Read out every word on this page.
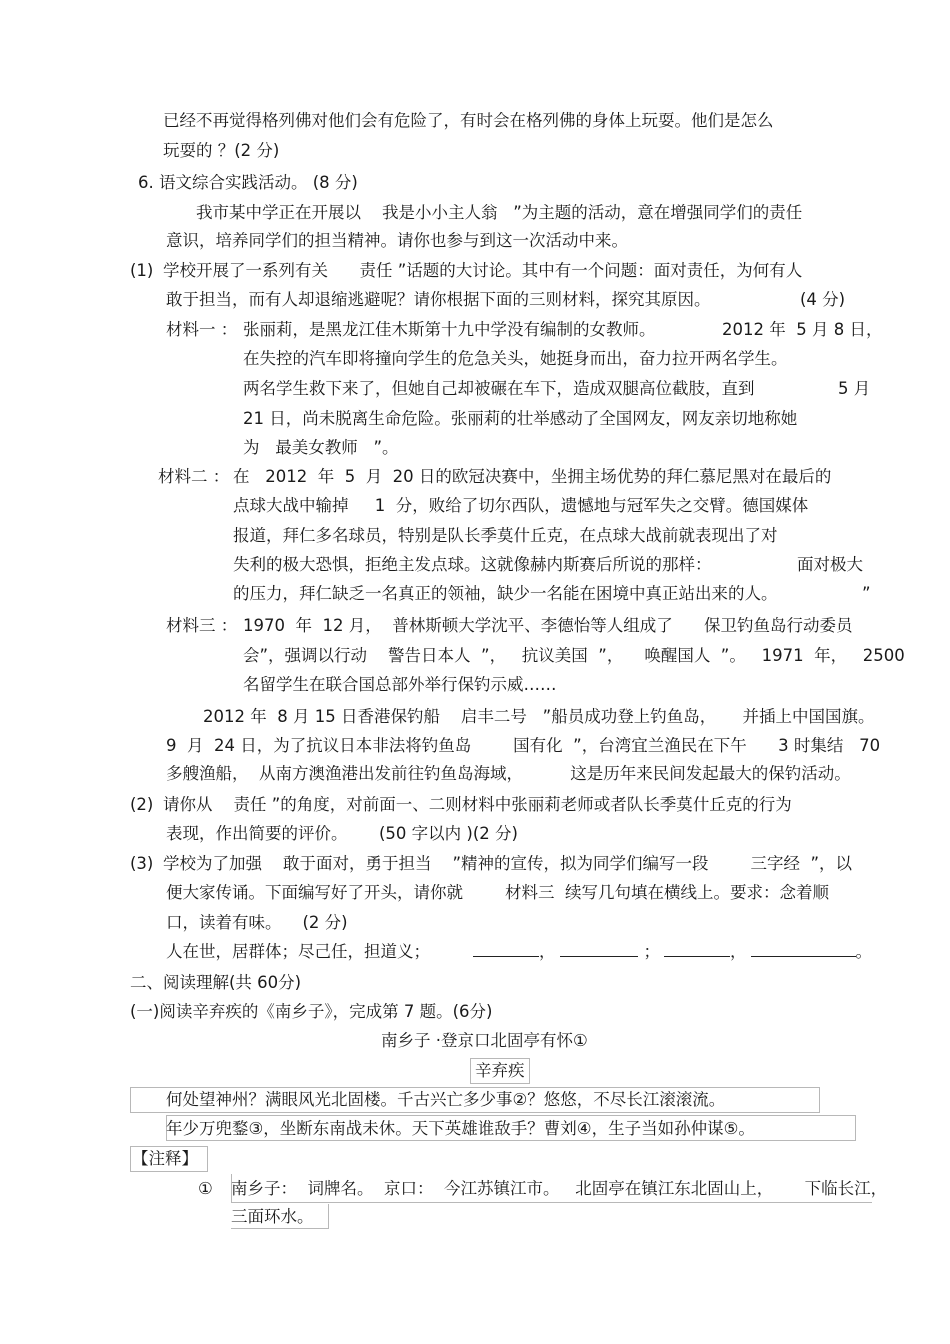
已经不再觉得格列佛对他们会有危险了，有时会在格列佛的身体上玩耍。他们是怎么
玩耍的 ？(2 分)
6. 语文综合实践活动。 (8 分)
我市某中学正在开展以    我是小小主人翁   ”为主题的活动，意在增强同学们的责任
意识，培养同学们的担当精神。请你也参与到这一次活动中来。
(1) 学校开展了一系列有关      责任 ”话题的大讨论。其中有一个问题：面对责任，为何有人
敢于担当，而有人却退缩逃避呢？请你根据下面的三则材料，探究其原因。	(4 分)
材料一 ： 张丽莉，是黑龙江佳木斯第十九中学没有编制的女教师。	2012 年  5 月 8 日，
在失控的汽车即将撞向学生的危急关头，她挺身而出，奋力拉开两名学生。
两名学生救下来了，但她自己却被碾在车下，造成双腿高位截肢，直到	5 月
21 日，尚未脱离生命危险。张丽莉的壮举感动了全国网友，网友亲切地称她
为   最美女教师   ”。
材料二 ： 在   2012  年  5  月  20 日的欧冠决赛中，坐拥主场优势的拜仁慕尼黑对在最后的
点球大战中输掉     1  分，败给了切尔西队，遗憾地与冠军失之交臂。德国媒体
报道，拜仁多名球员，特别是队长季莫什丘克，在点球大战前就表现出了对
失利的极大恐惧，拒绝主发点球。这就像赫内斯赛后所说的那样：	面对极大
的压力，拜仁缺乏一名真正的领袖，缺少一名能在困境中真正站出来的人。	”
材料三 ： 1970  年  12 月，  普林斯顿大学沈平、李德怡等人组成了 保卫钓鱼岛行动委员
会”，强调以行动    警告日本人  ”，   抗议美国  ”，    唤醒国人  ”。   1971  年，   2500
名留学生在联合国总部外举行保钓示威……
2012 年  8 月 15 日香港保钓船    启丰二号   ”船员成功登上钓鱼岛，     并插上中国国旗。
9  月  24 日，为了抗议日本非法将钓鱼岛        国有化  ”，台湾宜兰渔民在下午      3 时集结   70
多艘渔船，  从南方澳渔港出发前往钓鱼岛海域，         这是历年来民间发起最大的保钓活动。
(2) 请你从    责任 ”的角度，对前面一、二则材料中张丽莉老师或者队长季莫什丘克的行为
表现，作出简要的评价。      (50 字以内 )(2 分)
(3) 学校为了加强    敢于面对，勇于担当    ”精神的宣传，拟为同学们编写一段        三字经  ”，以
便大家传诵。下面编写好了开头，请你就        材料三  续写几句填在横线上。要求：念着顺
口，读着有味。    (2 分)
人在世，居群体；尽己任，担道义；	，	；	，	。
二、阅读理解(共 60分)
(一)阅读辛弃疾的《南乡子》，完成第 7 题。(6分)
南乡子 ·登京口北固亭有怀①
辛弃疾
何处望神州？满眼风光北固楼。千古兴亡多少事②？悠悠，不尽长江滚滚流。
年少万兜鍪③，坐断东南战未休。天下英雄谁敌手？曹刘④，生子当如孙仲谋⑤。
【注释】
① 南乡子：  词牌名。  京口：  今江苏镇江市。   北固亭在镇江东北固山上，      下临长江，
三面环水。
